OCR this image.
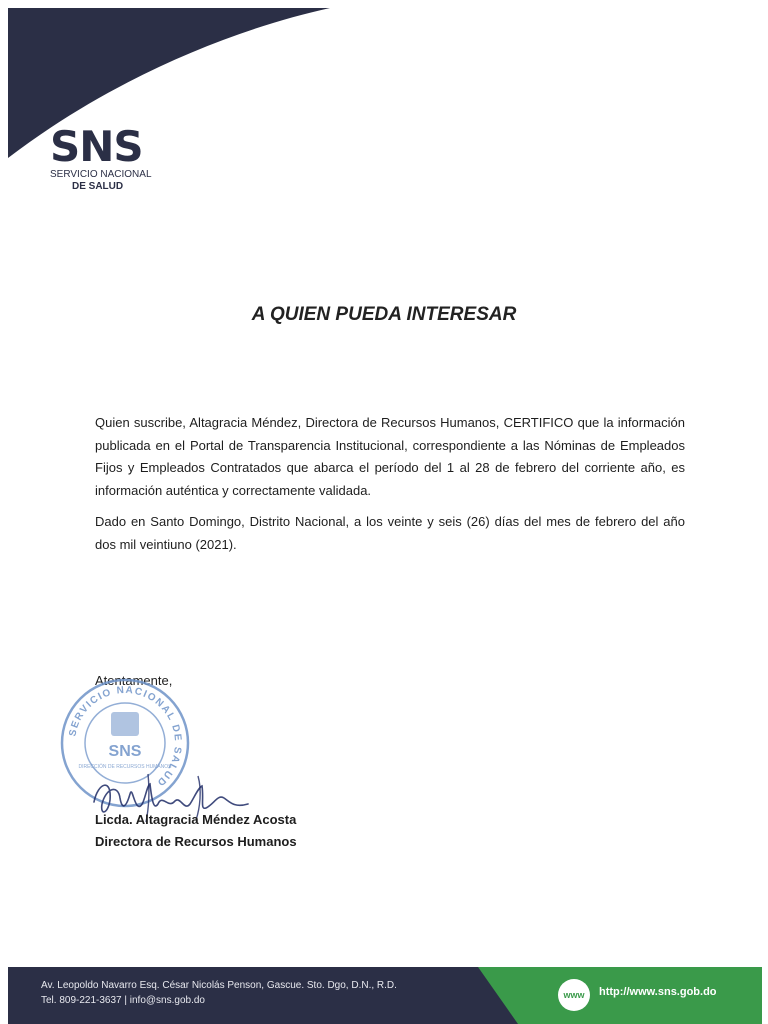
SNS
SERVICIO NACIONAL
DE SALUD
A QUIEN PUEDA INTERESAR

Quien suscribe, Altagracia Méndez, Directora de Recursos Humanos, CERTIFICO que la información publicada en el Portal de Transparencia Institucional, correspondiente a las Nóminas de Empleados Fijos y Empleados Contratados que abarca el período del 1 al 28 de febrero del corriente año, es información auténtica y correctamente validada.

Dado en Santo Domingo, Distrito Nacional, a los veinte y seis (26) días del mes de febrero del año dos mil veintiuno (2021).

Atentamente,
SERVICIO NACIONAL DE SALUD
SNS
DIRECCIÓN DE RECURSOS HUMANOS
Licda. Altagracia Méndez Acosta
Directora de Recursos Humanos
Av. Leopoldo Navarro Esq. César Nicolás Penson, Gascue. Sto. Dgo, D.N., R.D.
Tel. 809-221-3637 | info@sns.gob.do	www	http://www.sns.gob.do
